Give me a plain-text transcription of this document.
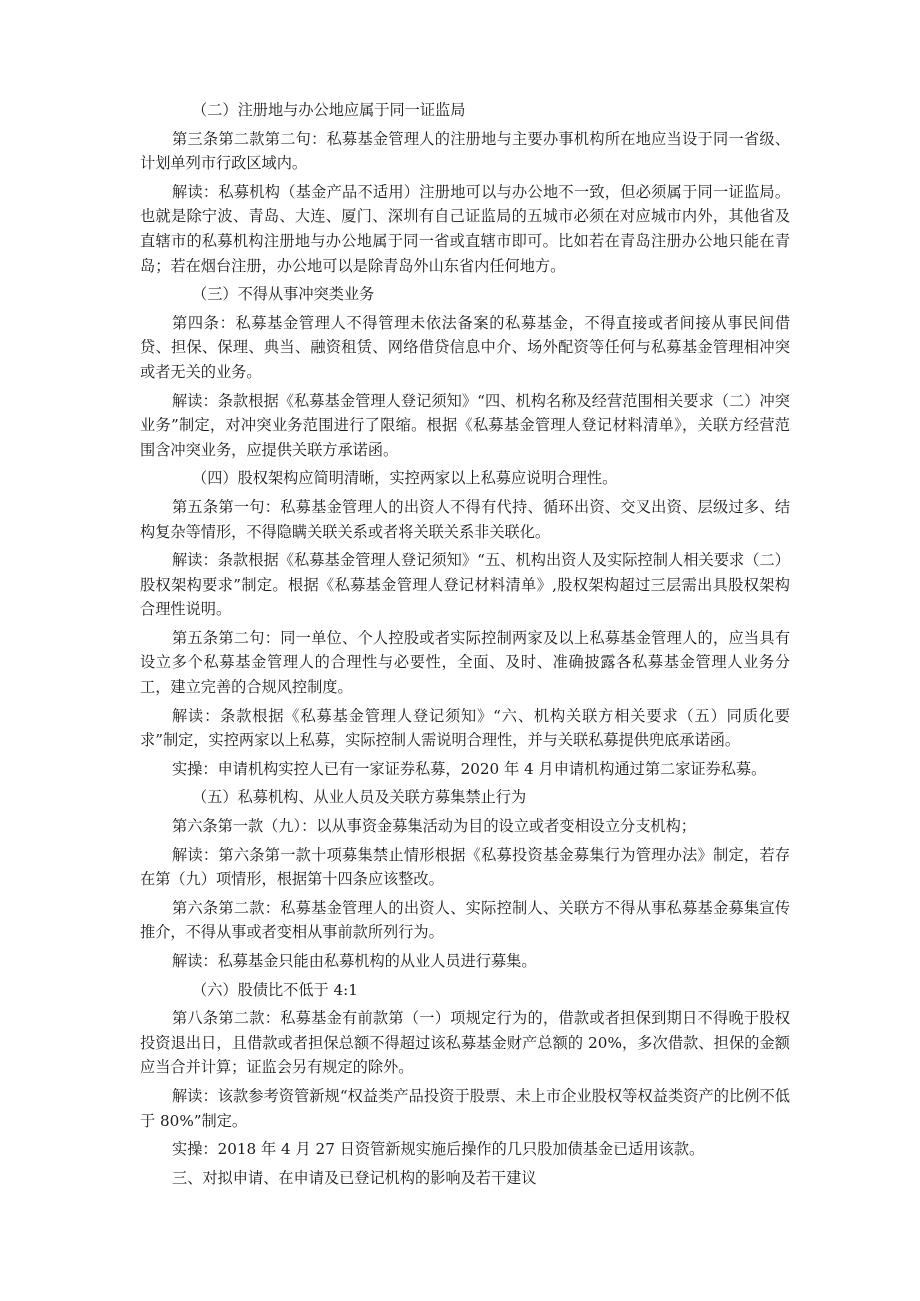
（二）注册地与办公地应属于同一证监局

第三条第二款第二句：私募基金管理人的注册地与主要办事机构所在地应当设于同一省级、计划单列市行政区域内。

解读：私募机构（基金产品不适用）注册地可以与办公地不一致，但必须属于同一证监局。也就是除宁波、青岛、大连、厦门、深圳有自己证监局的五城市必须在对应城市内外，其他省及直辖市的私募机构注册地与办公地属于同一省或直辖市即可。比如若在青岛注册办公地只能在青岛；若在烟台注册，办公地可以是除青岛外山东省内任何地方。

（三）不得从事冲突类业务

第四条：私募基金管理人不得管理未依法备案的私募基金，不得直接或者间接从事民间借贷、担保、保理、典当、融资租赁、网络借贷信息中介、场外配资等任何与私募基金管理相冲突或者无关的业务。

解读：条款根据《私募基金管理人登记须知》“四、机构名称及经营范围相关要求（二）冲突业务”制定，对冲突业务范围进行了限缩。根据《私募基金管理人登记材料清单》，关联方经营范围含冲突业务，应提供关联方承诺函。

（四）股权架构应简明清晰，实控两家以上私募应说明合理性。

第五条第一句：私募基金管理人的出资人不得有代持、循环出资、交叉出资、层级过多、结构复杂等情形，不得隐瞒关联关系或者将关联关系非关联化。

解读：条款根据《私募基金管理人登记须知》“五、机构出资人及实际控制人相关要求（二）股权架构要求”制定。根据《私募基金管理人登记材料清单》,股权架构超过三层需出具股权架构合理性说明。

第五条第二句：同一单位、个人控股或者实际控制两家及以上私募基金管理人的，应当具有设立多个私募基金管理人的合理性与必要性，全面、及时、准确披露各私募基金管理人业务分工，建立完善的合规风控制度。

解读：条款根据《私募基金管理人登记须知》“六、机构关联方相关要求（五）同质化要求”制定，实控两家以上私募，实际控制人需说明合理性，并与关联私募提供兜底承诺函。

实操：申请机构实控人已有一家证券私募，2020 年 4 月申请机构通过第二家证券私募。

（五）私募机构、从业人员及关联方募集禁止行为

第六条第一款（九）：以从事资金募集活动为目的设立或者变相设立分支机构；

解读：第六条第一款十项募集禁止情形根据《私募投资基金募集行为管理办法》制定，若存在第（九）项情形，根据第十四条应该整改。

第六条第二款：私募基金管理人的出资人、实际控制人、关联方不得从事私募基金募集宣传推介，不得从事或者变相从事前款所列行为。

解读：私募基金只能由私募机构的从业人员进行募集。

（六）股债比不低于 4:1

第八条第二款：私募基金有前款第（一）项规定行为的，借款或者担保到期日不得晚于股权投资退出日，且借款或者担保总额不得超过该私募基金财产总额的 20%，多次借款、担保的金额应当合并计算；证监会另有规定的除外。

解读：该款参考资管新规“权益类产品投资于股票、未上市企业股权等权益类资产的比例不低于 80%”制定。

实操：2018 年 4 月 27 日资管新规实施后操作的几只股加债基金已适用该款。

三、对拟申请、在申请及已登记机构的影响及若干建议
